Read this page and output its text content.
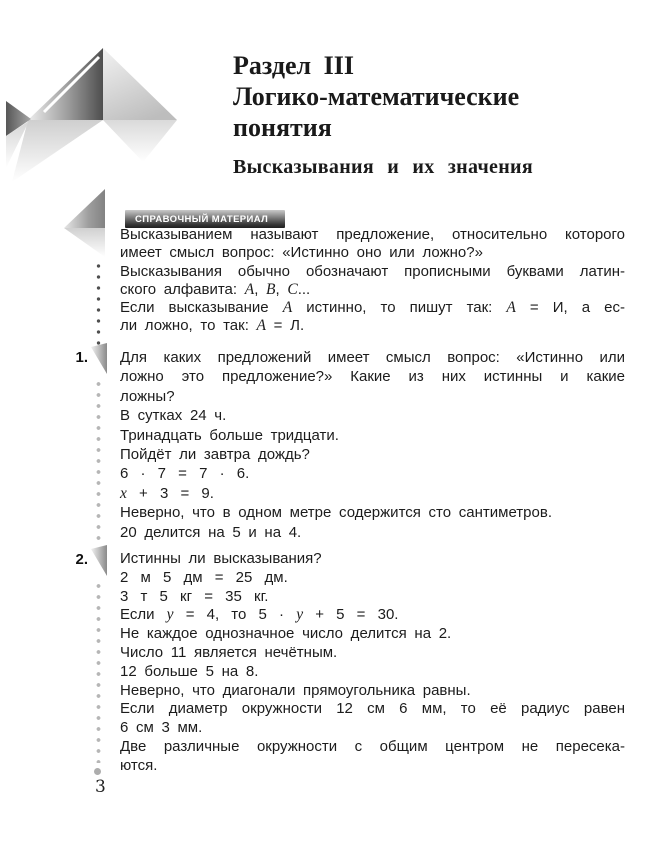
Раздел III
Логико-математические
понятия
Высказывания и их значения
СПРАВОЧНЫЙ МАТЕРИАЛ
Высказыванием называют предложение, относительно которого
имеет смысл вопрос: «Истинно оно или ложно?»
Высказывания обычно обозначают прописными буквами латин-
ского алфавита: A, B, C...
Если высказывание A истинно, то пишут так: A = И, а ес-
ли ложно, то так: A = Л.
1. Для каких предложений имеет смысл вопрос: «Истинно или
ложно это предложение?» Какие из них истинны и какие
ложны?
В сутках 24 ч.
Тринадцать больше тридцати.
Пойдёт ли завтра дождь?
6 · 7 = 7 · 6.
x + 3 = 9.
Неверно, что в одном метре содержится сто сантиметров.
20 делится на 5 и на 4.
2. Истинны ли высказывания?
2 м 5 дм = 25 дм.
3 т 5 кг = 35 кг.
Если y = 4, то 5 · y + 5 = 30.
Не каждое однозначное число делится на 2.
Число 11 является нечётным.
12 больше 5 на 8.
Неверно, что диагонали прямоугольника равны.
Если диаметр окружности 12 см 6 мм, то её радиус равен
6 см 3 мм.
Две различные окружности с общим центром не пересека-
ются.
3
